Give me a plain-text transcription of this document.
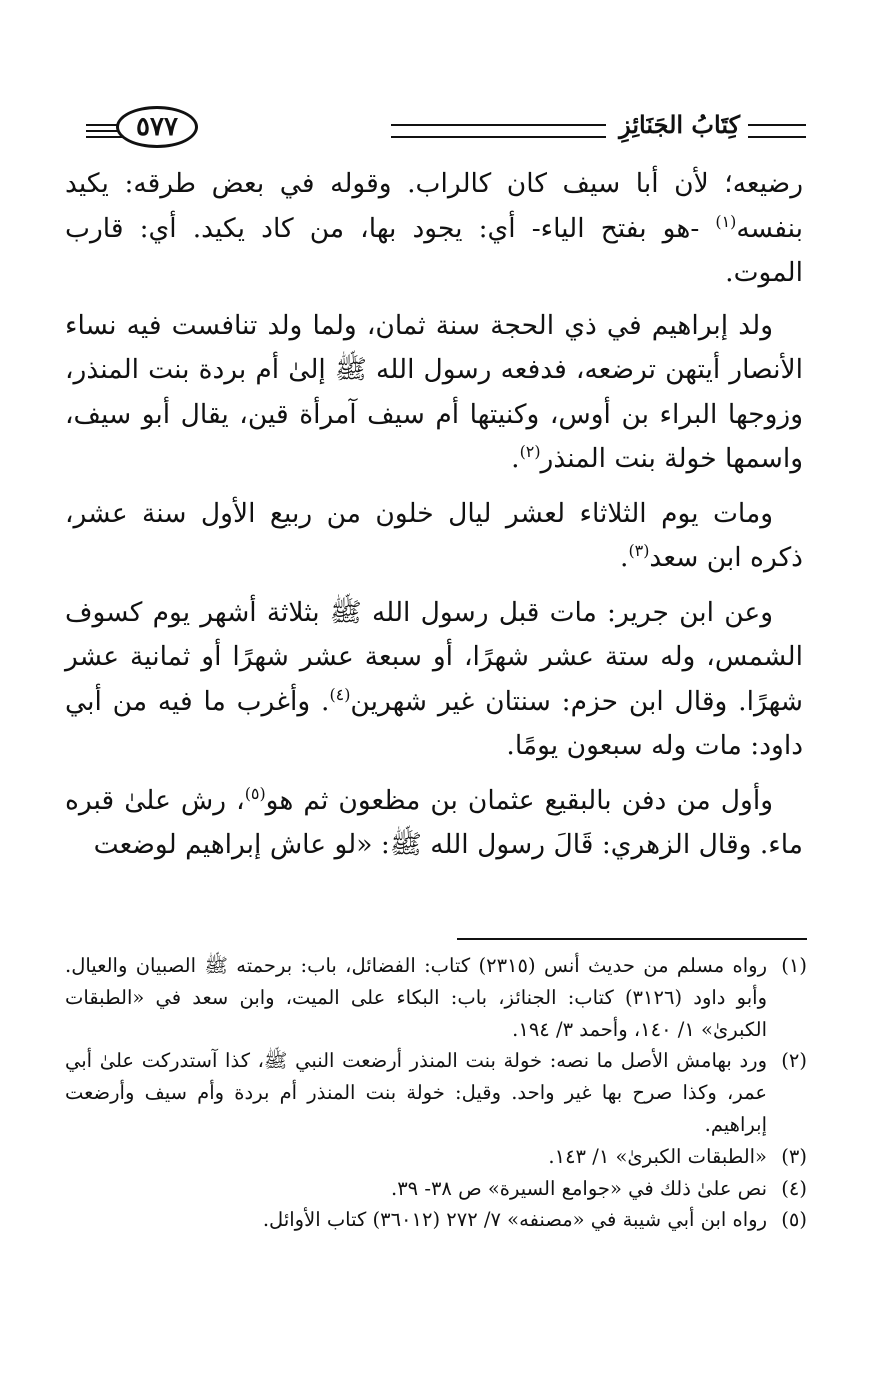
كِتَابُ الجَنَائِزِ
٥٧٧

رضيعه؛ لأن أبا سيف كان كالراب. وقوله في بعض طرقه: يكيد بنفسه$^{(١)}$ -هو بفتح الياء- أي: يجود بها، من كاد يكيد. أي: قارب الموت.

ولد إبراهيم في ذي الحجة سنة ثمان، ولما ولد تنافست فيه نساء الأنصار أيتهن ترضعه، فدفعه رسول الله ﷺ إلىٰ أم بردة بنت المنذر، وزوجها البراء بن أوس، وكنيتها أم سيف آمرأة قين، يقال أبو سيف، واسمها خولة بنت المنذر$^{(٢)}$.

ومات يوم الثلاثاء لعشر ليال خلون من ربيع الأول سنة عشر، ذكره ابن سعد$^{(٣)}$.

وعن ابن جرير: مات قبل رسول الله ﷺ بثلاثة أشهر يوم كسوف الشمس، وله ستة عشر شهرًا، أو سبعة عشر شهرًا أو ثمانية عشر شهرًا. وقال ابن حزم: سنتان غير شهرين$^{(٤)}$. وأغرب ما فيه من أبي داود: مات وله سبعون يومًا.

وأول من دفن بالبقيع عثمان بن مظعون ثم هو$^{(٥)}$، رش علىٰ قبره ماء. وقال الزهري: قَالَ رسول الله ﷺ: «لو عاش إبراهيم لوضعت

(١)
رواه مسلم من حديث أنس (٢٣١٥) كتاب: الفضائل، باب: برحمته ﷺ الصبيان والعيال. وأبو داود (٣١٢٦) كتاب: الجنائز، باب: البكاء على الميت، وابن سعد في «الطبقات الكبرىٰ» ١/ ١٤٠، وأحمد ٣/ ١٩٤.
(٢)
ورد بهامش الأصل ما نصه: خولة بنت المنذر أرضعت النبي ﷺ، كذا آستدركت علىٰ أبي عمر، وكذا صرح بها غير واحد. وقيل: خولة بنت المنذر أم بردة وأم سيف وأرضعت إبراهيم.
(٣)
«الطبقات الكبرىٰ» ١/ ١٤٣.
(٤)
نص علىٰ ذلك في «جوامع السيرة» ص ٣٨- ٣٩.
(٥)
رواه ابن أبي شيبة في «مصنفه» ٧/ ٢٧٢ (٣٦٠١٢) كتاب الأوائل.
